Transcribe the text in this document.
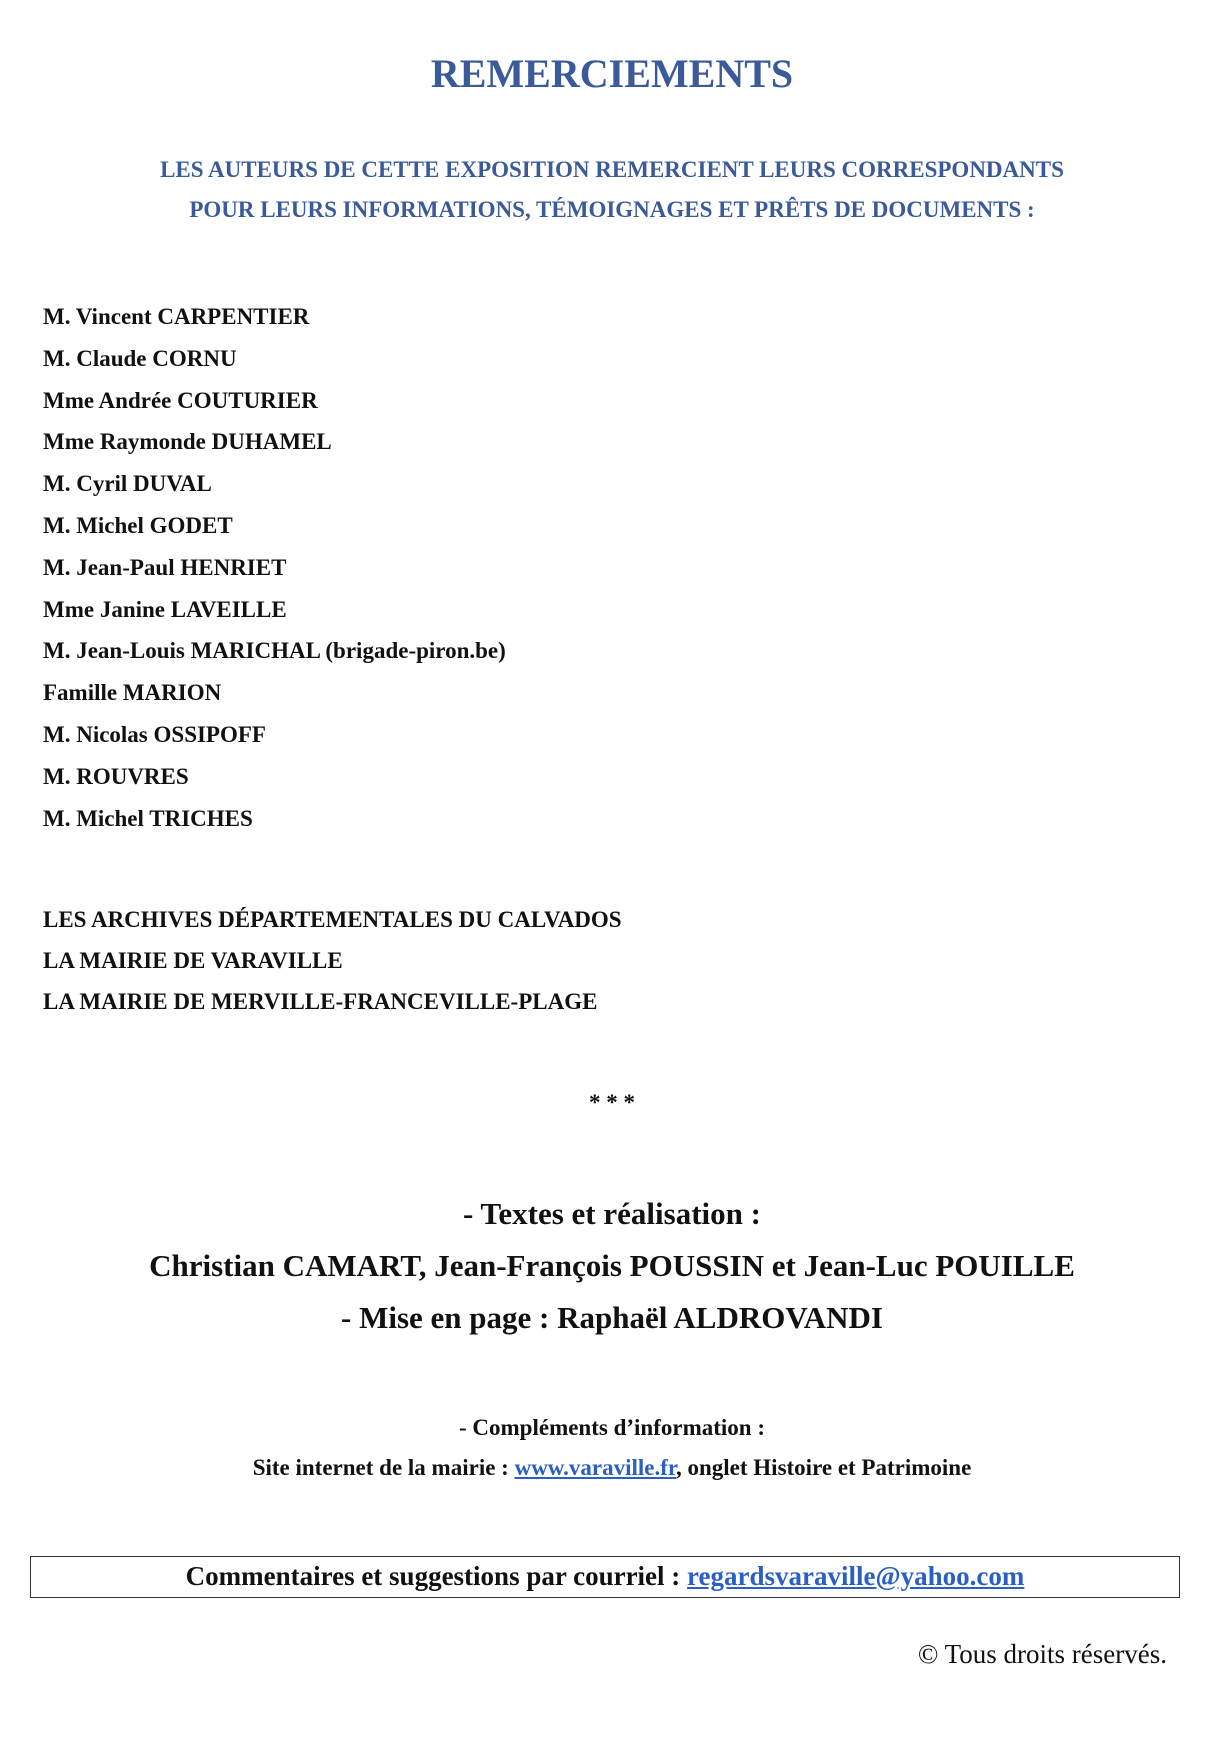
REMERCIEMENTS
LES AUTEURS DE CETTE EXPOSITION REMERCIENT LEURS CORRESPONDANTS
POUR LEURS INFORMATIONS, TÉMOIGNAGES ET PRÊTS DE DOCUMENTS :
M. Vincent CARPENTIER
M. Claude CORNU
Mme Andrée COUTURIER
Mme Raymonde DUHAMEL
M. Cyril DUVAL
M. Michel GODET
M. Jean-Paul HENRIET
Mme Janine LAVEILLE
M. Jean-Louis MARICHAL (brigade-piron.be)
Famille MARION
M. Nicolas OSSIPOFF
M. ROUVRES
M. Michel TRICHES
LES ARCHIVES DÉPARTEMENTALES DU CALVADOS
LA MAIRIE DE VARAVILLE
LA MAIRIE DE MERVILLE-FRANCEVILLE-PLAGE
* * *
- Textes et réalisation :
Christian CAMART, Jean-François POUSSIN et Jean-Luc POUILLE
- Mise en page : Raphaël ALDROVANDI
- Compléments d’information :
Site internet de la mairie : www.varaville.fr, onglet Histoire et Patrimoine
Commentaires et suggestions par courriel : regardsvaraville@yahoo.com
© Tous droits réservés.
